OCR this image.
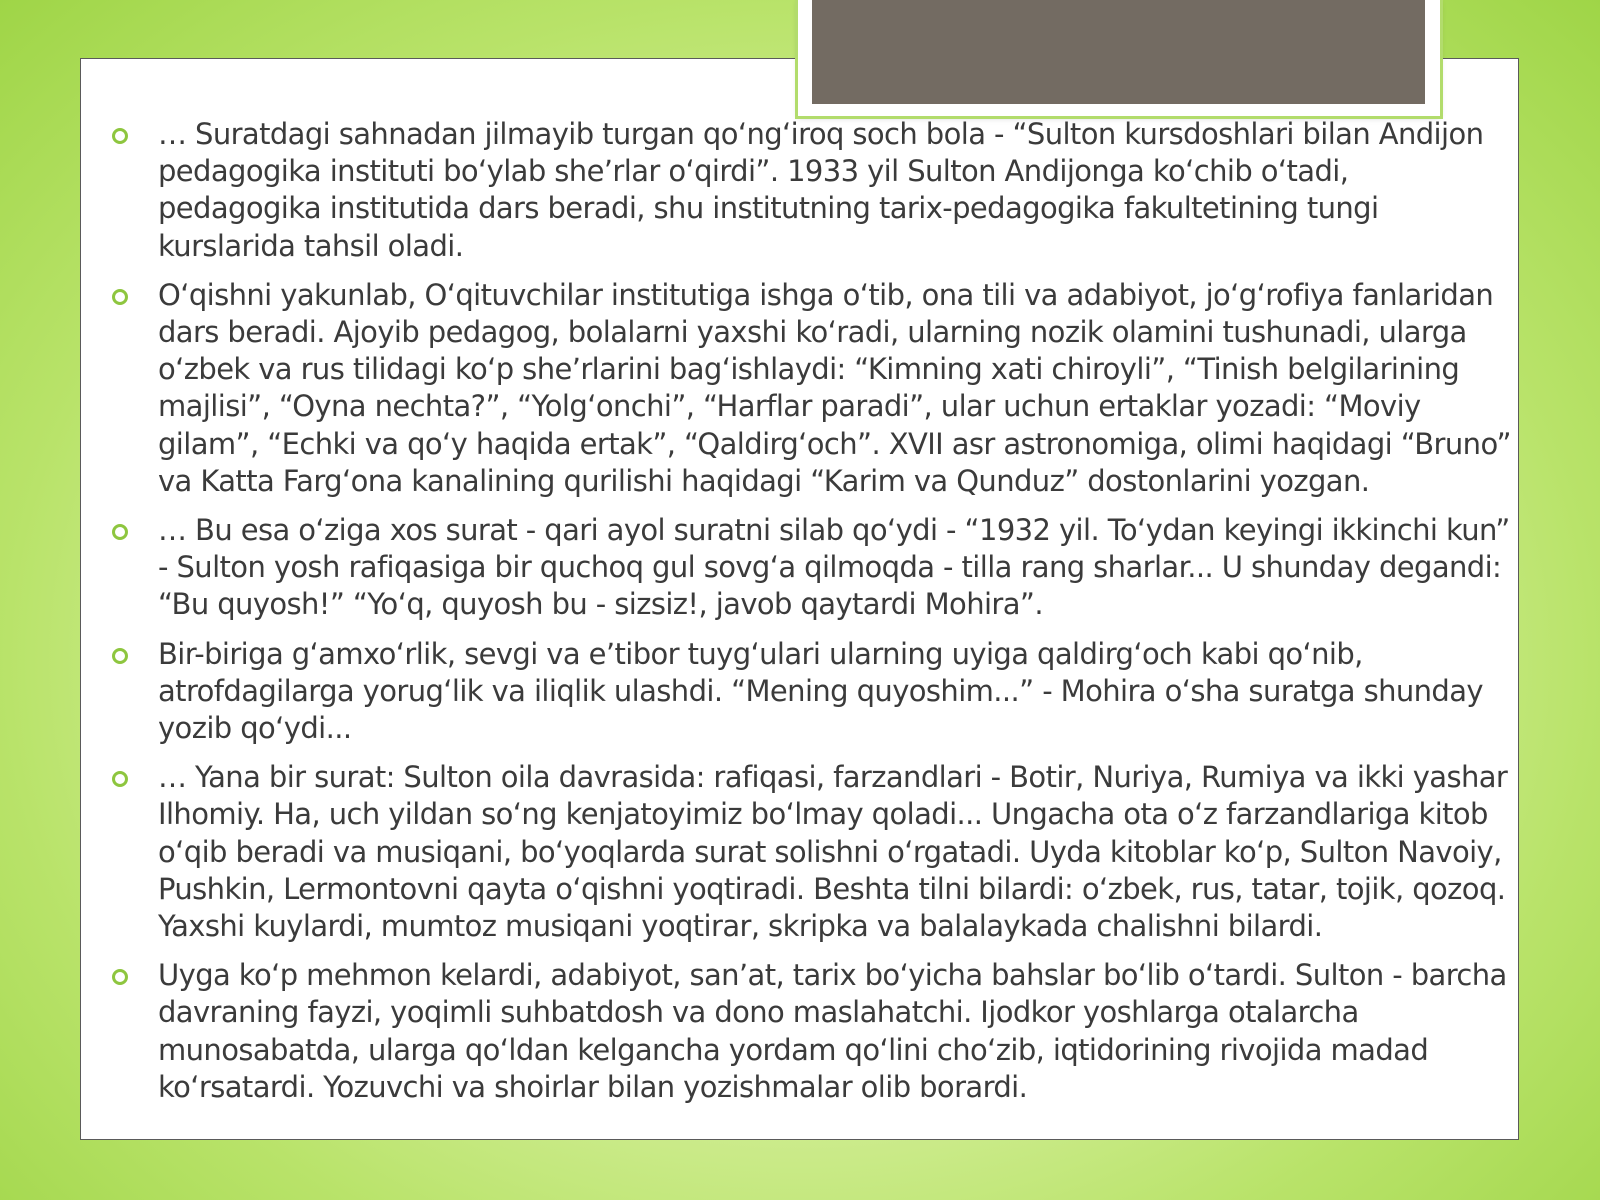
… Suratdagi sahnadan jilmayib turgan qoʻngʻiroq soch bola - “Sulton kursdoshlari bilan Andijon pedagogika instituti boʻylab sheʼrlar oʻqirdi”. 1933 yil Sulton Andijonga koʻchib oʻtadi, pedagogika institutida dars beradi, shu institutning tarix-pedagogika fakultetining tungi kurslarida tahsil oladi.
Oʻqishni yakunlab, Oʻqituvchilar institutiga ishga oʻtib, ona tili va adabiyot, joʻgʻrofiya fanlaridan dars beradi. Ajoyib pedagog, bolalarni yaxshi koʻradi, ularning nozik olamini tushunadi, ularga oʻzbek va rus tilidagi koʻp sheʼrlarini bagʻishlaydi: “Kimning xati chiroyli”, “Tinish belgilarining majlisi”, “Oyna nechta?”, “Yolgʻonchi”, “Harflar paradi”, ular uchun ertaklar yozadi: “Moviy gilam”, “Echki va qoʻy haqida ertak”, “Qaldirgʻoch”. XVII asr astronomiga, olimi haqidagi “Bruno” va Katta Fargʻona kanalining qurilishi haqidagi “Karim va Qunduz” dostonlarini yozgan.
… Bu esa oʻziga xos surat - qari ayol suratni silab qoʻydi - “1932 yil. Toʻydan keyingi ikkinchi kun” - Sulton yosh rafiqasiga bir quchoq gul sovgʻa qilmoqda - tilla rang sharlar... U shunday degandi: “Bu quyosh!” “Yoʻq, quyosh bu - sizsiz!, javob qaytardi Mohira”.
Bir-biriga gʻamxoʻrlik, sevgi va eʼtibor tuygʻulari ularning uyiga qaldirgʻoch kabi qoʻnib, atrofdagilarga yorugʻlik va iliqlik ulashdi. “Mening quyoshim...” - Mohira oʻsha suratga shunday yozib qoʻydi...
… Yana bir surat: Sulton oila davrasida: rafiqasi, farzandlari - Botir, Nuriya, Rumiya va ikki yashar Ilhomiy. Ha, uch yildan soʻng kenjatoyimiz boʻlmay qoladi... Ungacha ota oʻz farzandlariga kitob oʻqib beradi va musiqani, boʻyoqlarda surat solishni oʻrgatadi. Uyda kitoblar koʻp, Sulton Navoiy, Pushkin, Lermontovni qayta oʻqishni yoqtiradi. Beshta tilni bilardi: oʻzbek, rus, tatar, tojik, qozoq. Yaxshi kuylardi, mumtoz musiqani yoqtirar, skripka va balalaykada chalishni bilardi.
Uyga koʻp mehmon kelardi, adabiyot, sanʼat, tarix boʻyicha bahslar boʻlib oʻtardi. Sulton - barcha davraning fayzi, yoqimli suhbatdosh va dono maslahatchi. Ijodkor yoshlarga otalarcha munosabatda, ularga qoʻldan kelgancha yordam qoʻlini choʻzib, iqtidorining rivojida madad koʻrsatardi. Yozuvchi va shoirlar bilan yozishmalar olib borardi.
